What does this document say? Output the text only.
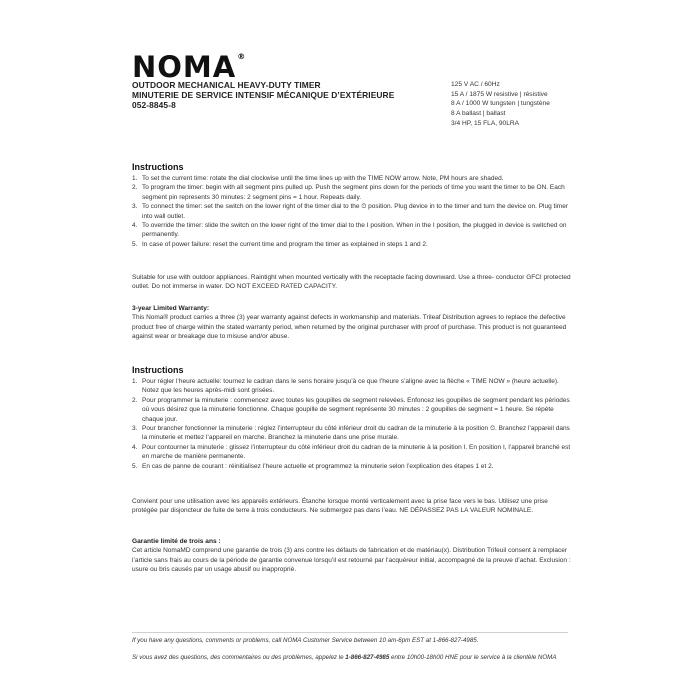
NOMA®
OUTDOOR MECHANICAL HEAVY-DUTY TIMER
MINUTERIE DE SERVICE INTENSIF MÉCANIQUE D’EXTÉRIEURE
052-8845-8
125 V AC / 60Hz
15 A / 1875 W resistive | résistive
8 A / 1000 W tungsten | tungstène
8 A ballast | ballast
3/4 HP, 15 FLA, 90LRA
Instructions
1. To set the current time: rotate the dial clockwise until the time lines up with the TIME NOW arrow. Note, PM hours are shaded.
2. To program the timer: begin with all segment pins pulled up. Push the segment pins down for the periods of time you want the timer to be ON. Each segment pin represents 30 minutes: 2 segment pins = 1 hour. Repeats daily.
3. To connect the timer: set the switch on the lower right of the timer dial to the ⏲ position. Plug device in to the timer and turn the device on. Plug timer into wall outlet.
4. To override the timer: slide the switch on the lower right of the timer dial to the I position. When in the I position, the plugged in device is switched on permanently.
5. In case of power failure: reset the current time and program the timer as explained in steps 1 and 2.
Suitable for use with outdoor appliances. Raintight when mounted vertically with the receptacle facing downward. Use a three- conductor GFCI protected outlet. Do not immerse in water. DO NOT EXCEED RATED CAPACITY.
3-year Limited Warranty:
This Noma® product carries a three (3) year warranty against defects in workmanship and materials. Trileaf Distribution agrees to replace the defective product free of charge within the stated warranty period, when returned by the original purchaser with proof of purchase. This product is not guaranteed against wear or breakage due to misuse and/or abuse.
Instructions
1. Pour régler l’heure actuelle: tournez le cadran dans le sens horaire jusqu’à ce que l’heure s’aligne avec la flèche « TIME NOW » (heure actuelle). Notez que les heures après-midi sont grisées.
2. Pour programmer la minuterie : commencez avec toutes les goupilles de segment relevées. Enfoncez les goupilles de segment pendant les périodes où vous désirez que la minuterie fonctionne. Chaque goupille de segment représente 30 minutes : 2 goupilles de segment = 1 heure. Se répète chaque jour.
3. Pour brancher fonctionner la minuterie : réglez l’interrupteur du côté inférieur droit du cadran de la minuterie à la position ⏲. Branchez l’appareil dans la minuterie et mettez l’appareil en marche. Branchez la minuterie dans une prise murale.
4. Pour contourner la minuterie : glissez l’interrupteur du côté inférieur droit du cadran de la minuterie à la position I. En position I, l’appareil branché est en marche de manière permanente.
5. En cas de panne de courant : réinitialisez l’heure actuelle et programmez la minuterie selon l’explication des étapes 1 et 2.
Convient pour une utilisation avec les appareils extérieurs. Étanche lorsque monté verticalement avec la prise face vers le bas. Utilisez une prise protégée par disjoncteur de fuite de terre à trois conducteurs. Ne submergez pas dans l’eau. NE DÉPASSEZ PAS LA VALEUR NOMINALE.
Garantie limité de trois ans :
Cet article NomaMD comprend une garantie de trois (3) ans contre les défauts de fabrication et de matériau(x). Distribution Trifeuil consent à remplacer l’article sans frais au cours de la période de garantie convenue lorsqu’il est retourné par l’acquéreur initial, accompagné de la preuve d’achat. Exclusion : usure ou bris causés par un usage abusif ou inapproprié.
If you have any questions, comments or problems, call NOMA Customer Service between 10 am-6pm EST at 1-866-827-4985.
Si vous avez des questions, des commentaires ou des problèmes, appelez le 1-866-827-4985 entre 10h00-18h00 HNE pour le service à la clientèle NOMA
